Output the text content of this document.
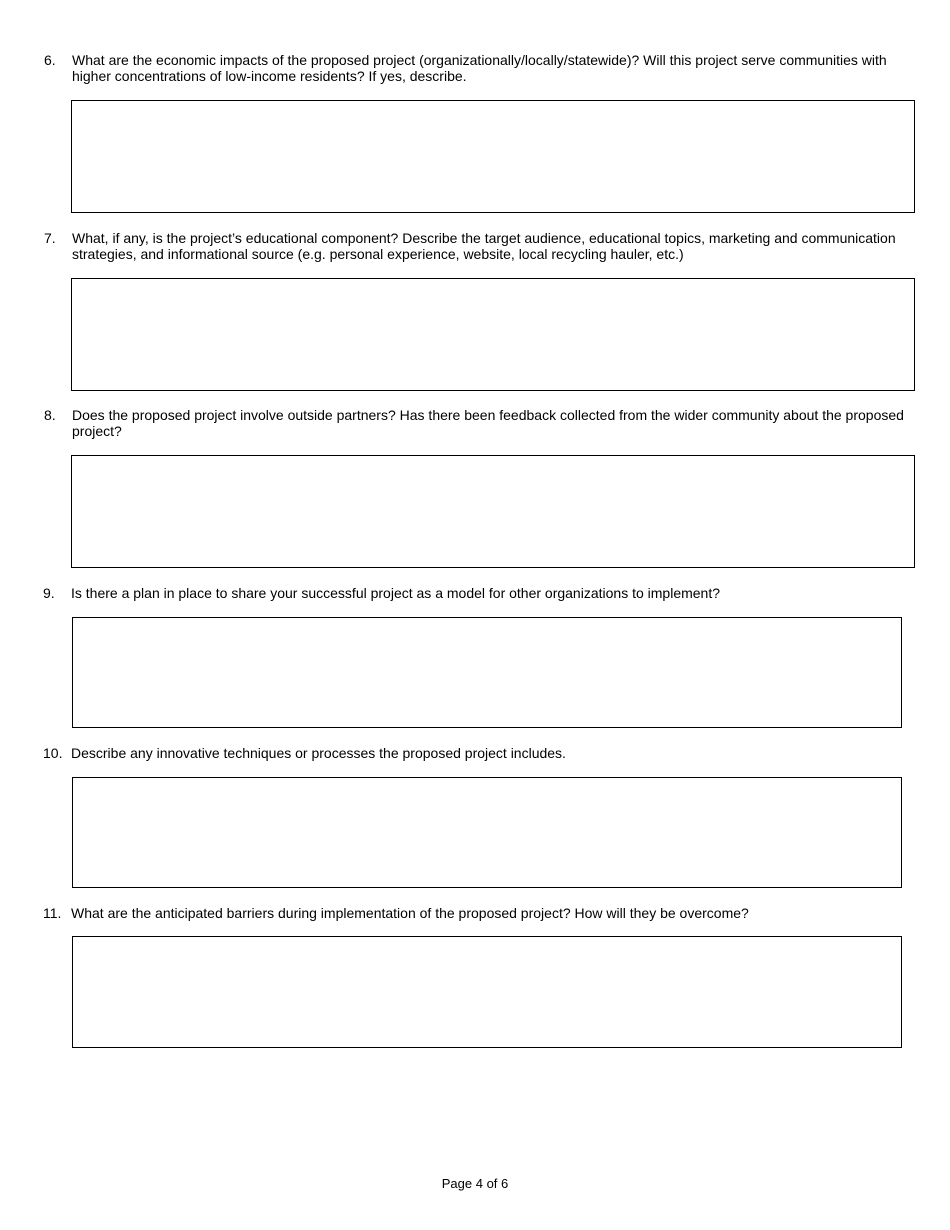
6. What are the economic impacts of the proposed project (organizationally/locally/statewide)? Will this project serve communities with higher concentrations of low-income residents? If yes, describe.
7. What, if any, is the project’s educational component? Describe the target audience, educational topics, marketing and communication strategies, and informational source (e.g. personal experience, website, local recycling hauler, etc.)
8. Does the proposed project involve outside partners? Has there been feedback collected from the wider community about the proposed project?
9. Is there a plan in place to share your successful project as a model for other organizations to implement?
10. Describe any innovative techniques or processes the proposed project includes.
11. What are the anticipated barriers during implementation of the proposed project? How will they be overcome?
Page 4 of 6
